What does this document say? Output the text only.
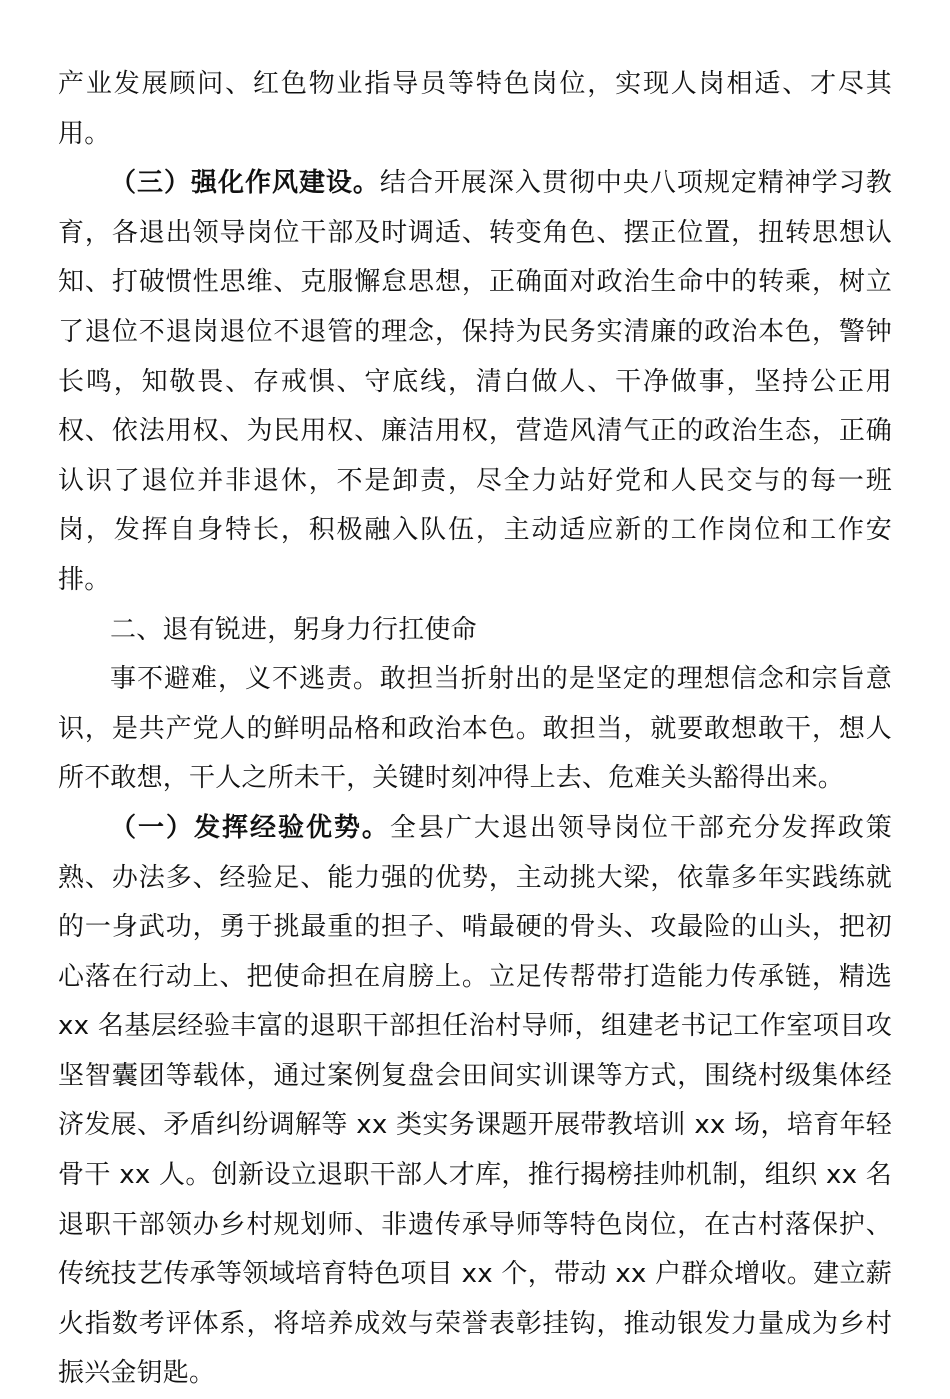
产业发展顾问、红色物业指导员等特色岗位，实现人岗相适、才尽其用。

（三）强化作风建设。结合开展深入贯彻中央八项规定精神学习教育，各退出领导岗位干部及时调适、转变角色、摆正位置，扭转思想认知、打破惯性思维、克服懈怠思想，正确面对政治生命中的转乘，树立了退位不退岗退位不退管的理念，保持为民务实清廉的政治本色，警钟长鸣，知敬畏、存戒惧、守底线，清白做人、干净做事，坚持公正用权、依法用权、为民用权、廉洁用权，营造风清气正的政治生态，正确认识了退位并非退休，不是卸责，尽全力站好党和人民交与的每一班岗，发挥自身特长，积极融入队伍，主动适应新的工作岗位和工作安排。

二、退有锐进，躬身力行扛使命

事不避难，义不逃责。敢担当折射出的是坚定的理想信念和宗旨意识，是共产党人的鲜明品格和政治本色。敢担当，就要敢想敢干，想人所不敢想，干人之所未干，关键时刻冲得上去、危难关头豁得出来。

（一）发挥经验优势。全县广大退出领导岗位干部充分发挥政策熟、办法多、经验足、能力强的优势，主动挑大梁，依靠多年实践练就的一身武功，勇于挑最重的担子、啃最硬的骨头、攻最险的山头，把初心落在行动上、把使命担在肩膀上。立足传帮带打造能力传承链，精选 xx 名基层经验丰富的退职干部担任治村导师，组建老书记工作室项目攻坚智囊团等载体，通过案例复盘会田间实训课等方式，围绕村级集体经济发展、矛盾纠纷调解等 xx 类实务课题开展带教培训 xx 场，培育年轻骨干 xx 人。创新设立退职干部人才库，推行揭榜挂帅机制，组织 xx 名退职干部领办乡村规划师、非遗传承导师等特色岗位，在古村落保护、传统技艺传承等领域培育特色项目 xx 个，带动 xx 户群众增收。建立薪火指数考评体系，将培养成效与荣誉表彰挂钩，推动银发力量成为乡村振兴金钥匙。
